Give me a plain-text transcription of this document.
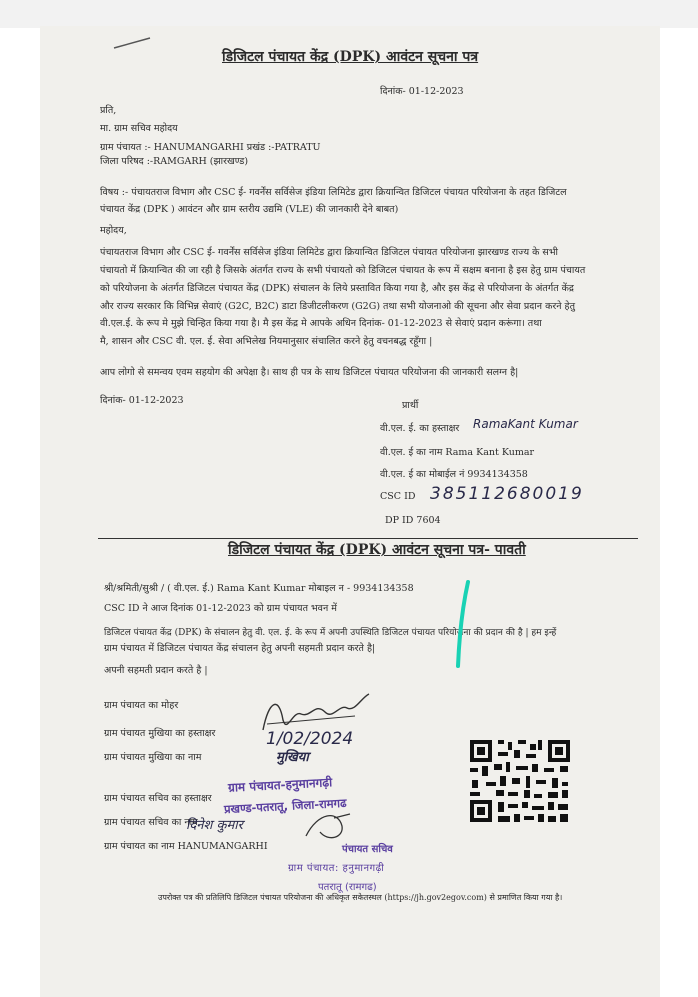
डिजिटल पंचायत केंद्र (DPK) आवंटन सूचना पत्र
दिनांक- 01-12-2023
प्रति,
मा. ग्राम सचिव महोदय
ग्राम पंचायत :- HANUMANGARHI प्रखंड :-PATRATU
जिला परिषद :-RAMGARH (झारखण्ड)
विषय :- पंचायतराज विभाग और CSC ई- गवर्नेंस सर्विसेज इंडिया लिमिटेड द्वारा क्रियान्वित डिजिटल पंचायत परियोजना के तहत डिजिटल
पंचायत केंद्र (DPK ) आवंटन और ग्राम स्तरीय उद्यमि (VLE) की जानकारी देने बाबत)
महोदय,
पंचायतराज विभाग और CSC ई- गवर्नेंस सर्विसेज इंडिया लिमिटेड द्वारा क्रियान्वित डिजिटल पंचायत परियोजना झारखण्ड राज्य के सभी
पंचायतो में क्रियान्वित की जा रही है जिसके अंतर्गत राज्य के सभी पंचायतो को डिजिटल पंचायत के रूप में सक्षम बनाना है इस हेतु ग्राम पंचायत
को परियोजना के अंतर्गत डिजिटल पंचायत केंद्र (DPK) संचालन के लिये प्रस्तावित किया गया है, और इस केंद्र से परियोजना के अंतर्गत केंद्र
और राज्य सरकार कि विभिन्न सेवाएं (G2C, B2C) डाटा डिजीटलीकरण (G2G) तथा सभी योजनाओ की सूचना और सेवा प्रदान करने हेतु
वी.एल.ई. के रूप मे मुझे चिन्हित किया गया है। मै इस केंद्र मे आपके अधिन दिनांक- 01-12-2023 से सेवाएं प्रदान करूंगा। तथा
मै, शासन और CSC वी. एल. ई. सेवा अभिलेख नियमानुसार संचालित करने हेतु वचनबद्ध रहूँगा |
आप लोगो से समन्वय एवम सहयोग की अपेक्षा है। साथ ही पत्र के साथ डिजिटल पंचायत परियोजना की जानकारी सलग्न है|
दिनांक- 01-12-2023	प्रार्थी
वी.एल. ई. का हस्ताक्षर RamaKant Kumar
वी.एल. ई का नाम Rama Kant Kumar
वी.एल. ई का मोबाईल नं 9934134358
CSC ID 385112680019
DP ID 7604
डिजिटल पंचायत केंद्र (DPK) आवंटन सूचना पत्र- पावती
श्री/श्रमिती/सुश्री / ( वी.एल. ई.) Rama Kant Kumar मोबाइल न - 9934134358
CSC ID ने आज दिनांक 01-12-2023 को ग्राम पंचायत भवन में
डिजिटल पंचायत केंद्र (DPK) के संचालन हेतु वी. एल. ई. के रूप में अपनी उपस्थिति डिजिटल पंचायत परियोजना की प्रदान की है | हम इन्हें
ग्राम पंचायत में डिजिटल पंचायत केंद्र संचालन हेतु अपनी सहमती प्रदान करते है|
अपनी सहमती प्रदान करते है |
ग्राम पंचायत का मोहर
ग्राम पंचायत मुखिया का हस्ताक्षर
ग्राम पंचायत मुखिया का नाम
1/02/2024
मुखिया
ग्राम पंचायत-हनुमानगढ़ी
ग्राम पंचायत सचिव का हस्ताक्षर प्रखण्ड-पतरातू, जिला-रामगढ
ग्राम पंचायत सचिव का नाम
दिनेश कुमार
ग्राम पंचायत का नाम HANUMANGARHI	पंचायत सचिव
ग्राम पंचायत: हनुमानगढ़ी
पतरातू (रामगढ)
उपरोक्त पत्र की प्रतिलिपि डिजिटल पंचायत परियोजना की अधिकृत सकेतस्थल (https://jh.gov2egov.com) से प्रमाणित किया गया है।
